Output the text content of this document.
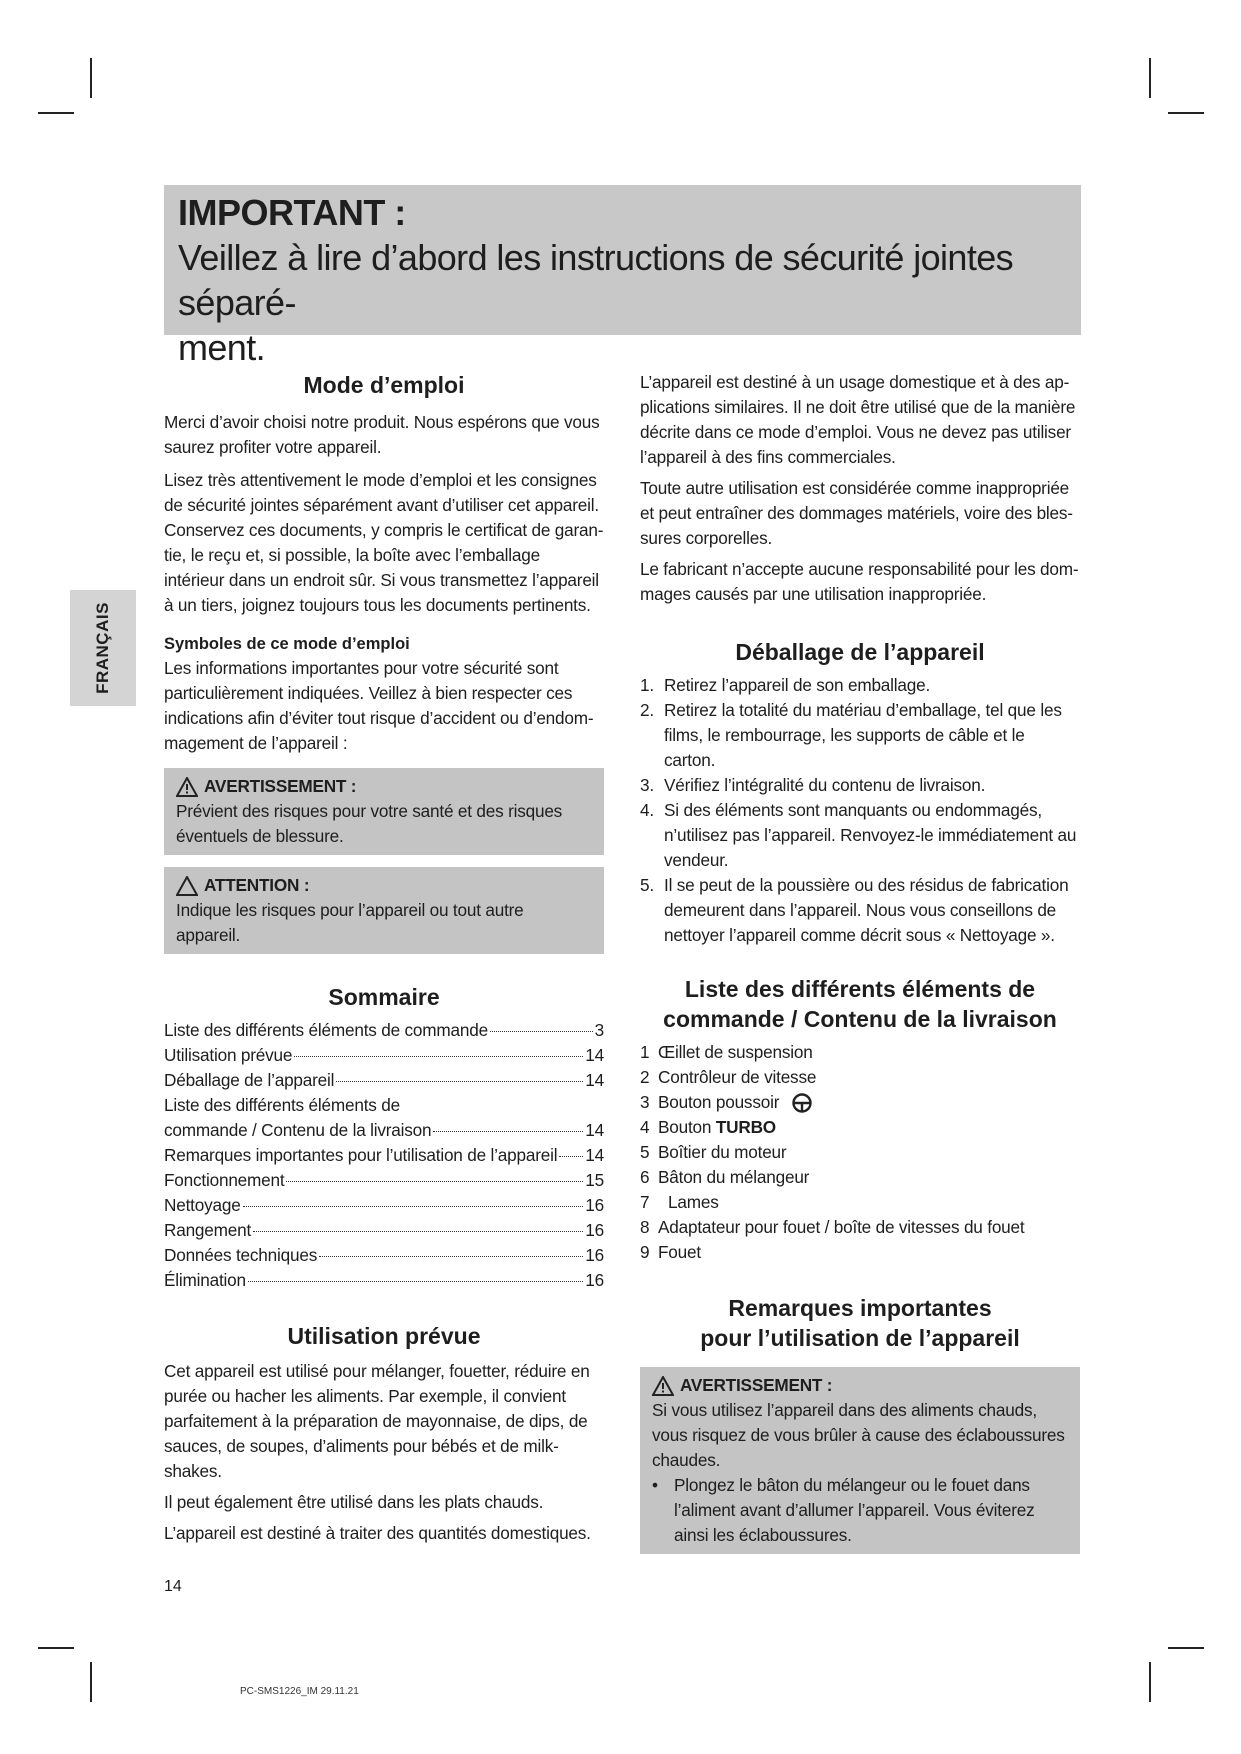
IMPORTANT :
Veillez à lire d’abord les instructions de sécurité jointes séparé-
ment.
FRANÇAIS
Mode d’emploi

Merci d’avoir choisi notre produit. Nous espérons que vous saurez profiter votre appareil.

Lisez très attentivement le mode d’emploi et les consignes de sécurité jointes séparément avant d’utiliser cet appareil. Conservez ces documents, y compris le certificat de garan-tie, le reçu et, si possible, la boîte avec l’emballage intérieur dans un endroit sûr. Si vous transmettez l’appareil à un tiers, joignez toujours tous les documents pertinents.

Symboles de ce mode d’emploi

Les informations importantes pour votre sécurité sont particulièrement indiquées. Veillez à bien respecter ces indications afin d’éviter tout risque d’accident ou d’endom-magement de l’appareil :

AVERTISSEMENT :
Prévient des risques pour votre santé et des risques éventuels de blessure.
ATTENTION :
Indique les risques pour l’appareil ou tout autre appareil.
Sommaire
Liste des différents éléments de commande	3
Utilisation prévue	14
Déballage de l’appareil	14
Liste des différents éléments de
commande / Contenu de la livraison	14
Remarques importantes pour l’utilisation de l’appareil 14
Fonctionnement	15
Nettoyage	16
Rangement	16
Données techniques	16
Élimination	16
Utilisation prévue

Cet appareil est utilisé pour mélanger, fouetter, réduire en purée ou hacher les aliments. Par exemple, il convient parfaitement à la préparation de mayonnaise, de dips, de sauces, de soupes, d’aliments pour bébés et de milk-shakes.

Il peut également être utilisé dans les plats chauds.

L’appareil est destiné à traiter des quantités domestiques.

L’appareil est destiné à un usage domestique et à des ap-plications similaires. Il ne doit être utilisé que de la manière décrite dans ce mode d’emploi. Vous ne devez pas utiliser l’appareil à des fins commerciales.

Toute autre utilisation est considérée comme inappropriée et peut entraîner des dommages matériels, voire des bles-sures corporelles.

Le fabricant n’accepte aucune responsabilité pour les dom-mages causés par une utilisation inappropriée.

Déballage de l’appareil
1. Retirez l’appareil de son emballage.
2. Retirez la totalité du matériau d’emballage, tel que les films, le rembourrage, les supports de câble et le carton.
3. Vérifiez l’intégralité du contenu de livraison.
4. Si des éléments sont manquants ou endommagés, n’utilisez pas l’appareil. Renvoyez-le immédiatement au vendeur.
5. Il se peut de la poussière ou des résidus de fabrication demeurent dans l’appareil. Nous vous conseillons de nettoyer l’appareil comme décrit sous « Nettoyage ».
Liste des différents éléments de
commande / Contenu de la livraison
1 Œillet de suspension
2 Contrôleur de vitesse
3 Bouton poussoir
4 Bouton TURBO
5 Boîtier du moteur
6 Bâton du mélangeur
7	Lames
8 Adaptateur pour fouet / boîte de vitesses du fouet
9 Fouet
Remarques importantes
pour l’utilisation de l’appareil
AVERTISSEMENT :
Si vous utilisez l’appareil dans des aliments chauds, vous risquez de vous brûler à cause des éclaboussures chaudes.
• Plongez le bâton du mélangeur ou le fouet dans l’aliment avant d’allumer l’appareil. Vous éviterez ainsi les éclaboussures.
14
PC-SMS1226_IM 29.11.21
